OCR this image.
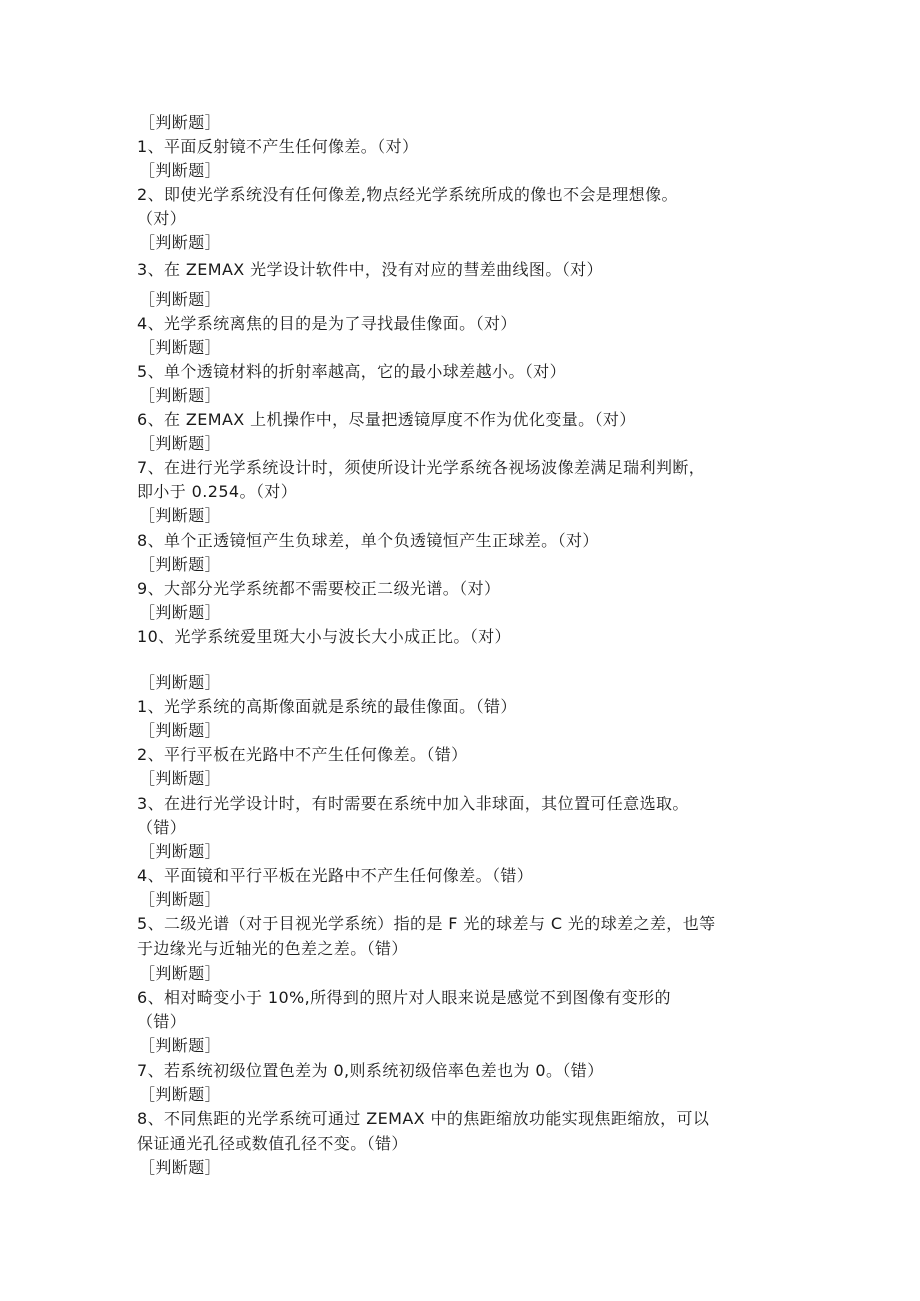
［判断题］
1、平面反射镜不产生任何像差。（对）
［判断题］
2、即使光学系统没有任何像差,物点经光学系统所成的像也不会是理想像。
（对）
［判断题］
3、在 ZEMAX 光学设计软件中，没有对应的彗差曲线图。（对）
［判断题］
4、光学系统离焦的目的是为了寻找最佳像面。（对）
［判断题］
5、单个透镜材料的折射率越高，它的最小球差越小。（对）
［判断题］
6、在 ZEMAX 上机操作中，尽量把透镜厚度不作为优化变量。（对）
［判断题］
7、在进行光学系统设计时，须使所设计光学系统各视场波像差满足瑞利判断，
即小于 0.254。（对）
［判断题］
8、单个正透镜恒产生负球差，单个负透镜恒产生正球差。（对）
［判断题］
9、大部分光学系统都不需要校正二级光谱。（对）
［判断题］
10、光学系统爱里斑大小与波长大小成正比。（对）
［判断题］
1、光学系统的高斯像面就是系统的最佳像面。（错）
［判断题］
2、平行平板在光路中不产生任何像差。（错）
［判断题］
3、在进行光学设计时，有时需要在系统中加入非球面，其位置可任意选取。
（错）
［判断题］
4、平面镜和平行平板在光路中不产生任何像差。（错）
［判断题］
5、二级光谱（对于目视光学系统）指的是 F 光的球差与 C 光的球差之差，也等
于边缘光与近轴光的色差之差。（错）
［判断题］
6、相对畸变小于 10%,所得到的照片对人眼来说是感觉不到图像有变形的
（错）
［判断题］
7、若系统初级位置色差为 0,则系统初级倍率色差也为 0。（错）
［判断题］
8、不同焦距的光学系统可通过 ZEMAX 中的焦距缩放功能实现焦距缩放，可以
保证通光孔径或数值孔径不变。（错）
［判断题］
